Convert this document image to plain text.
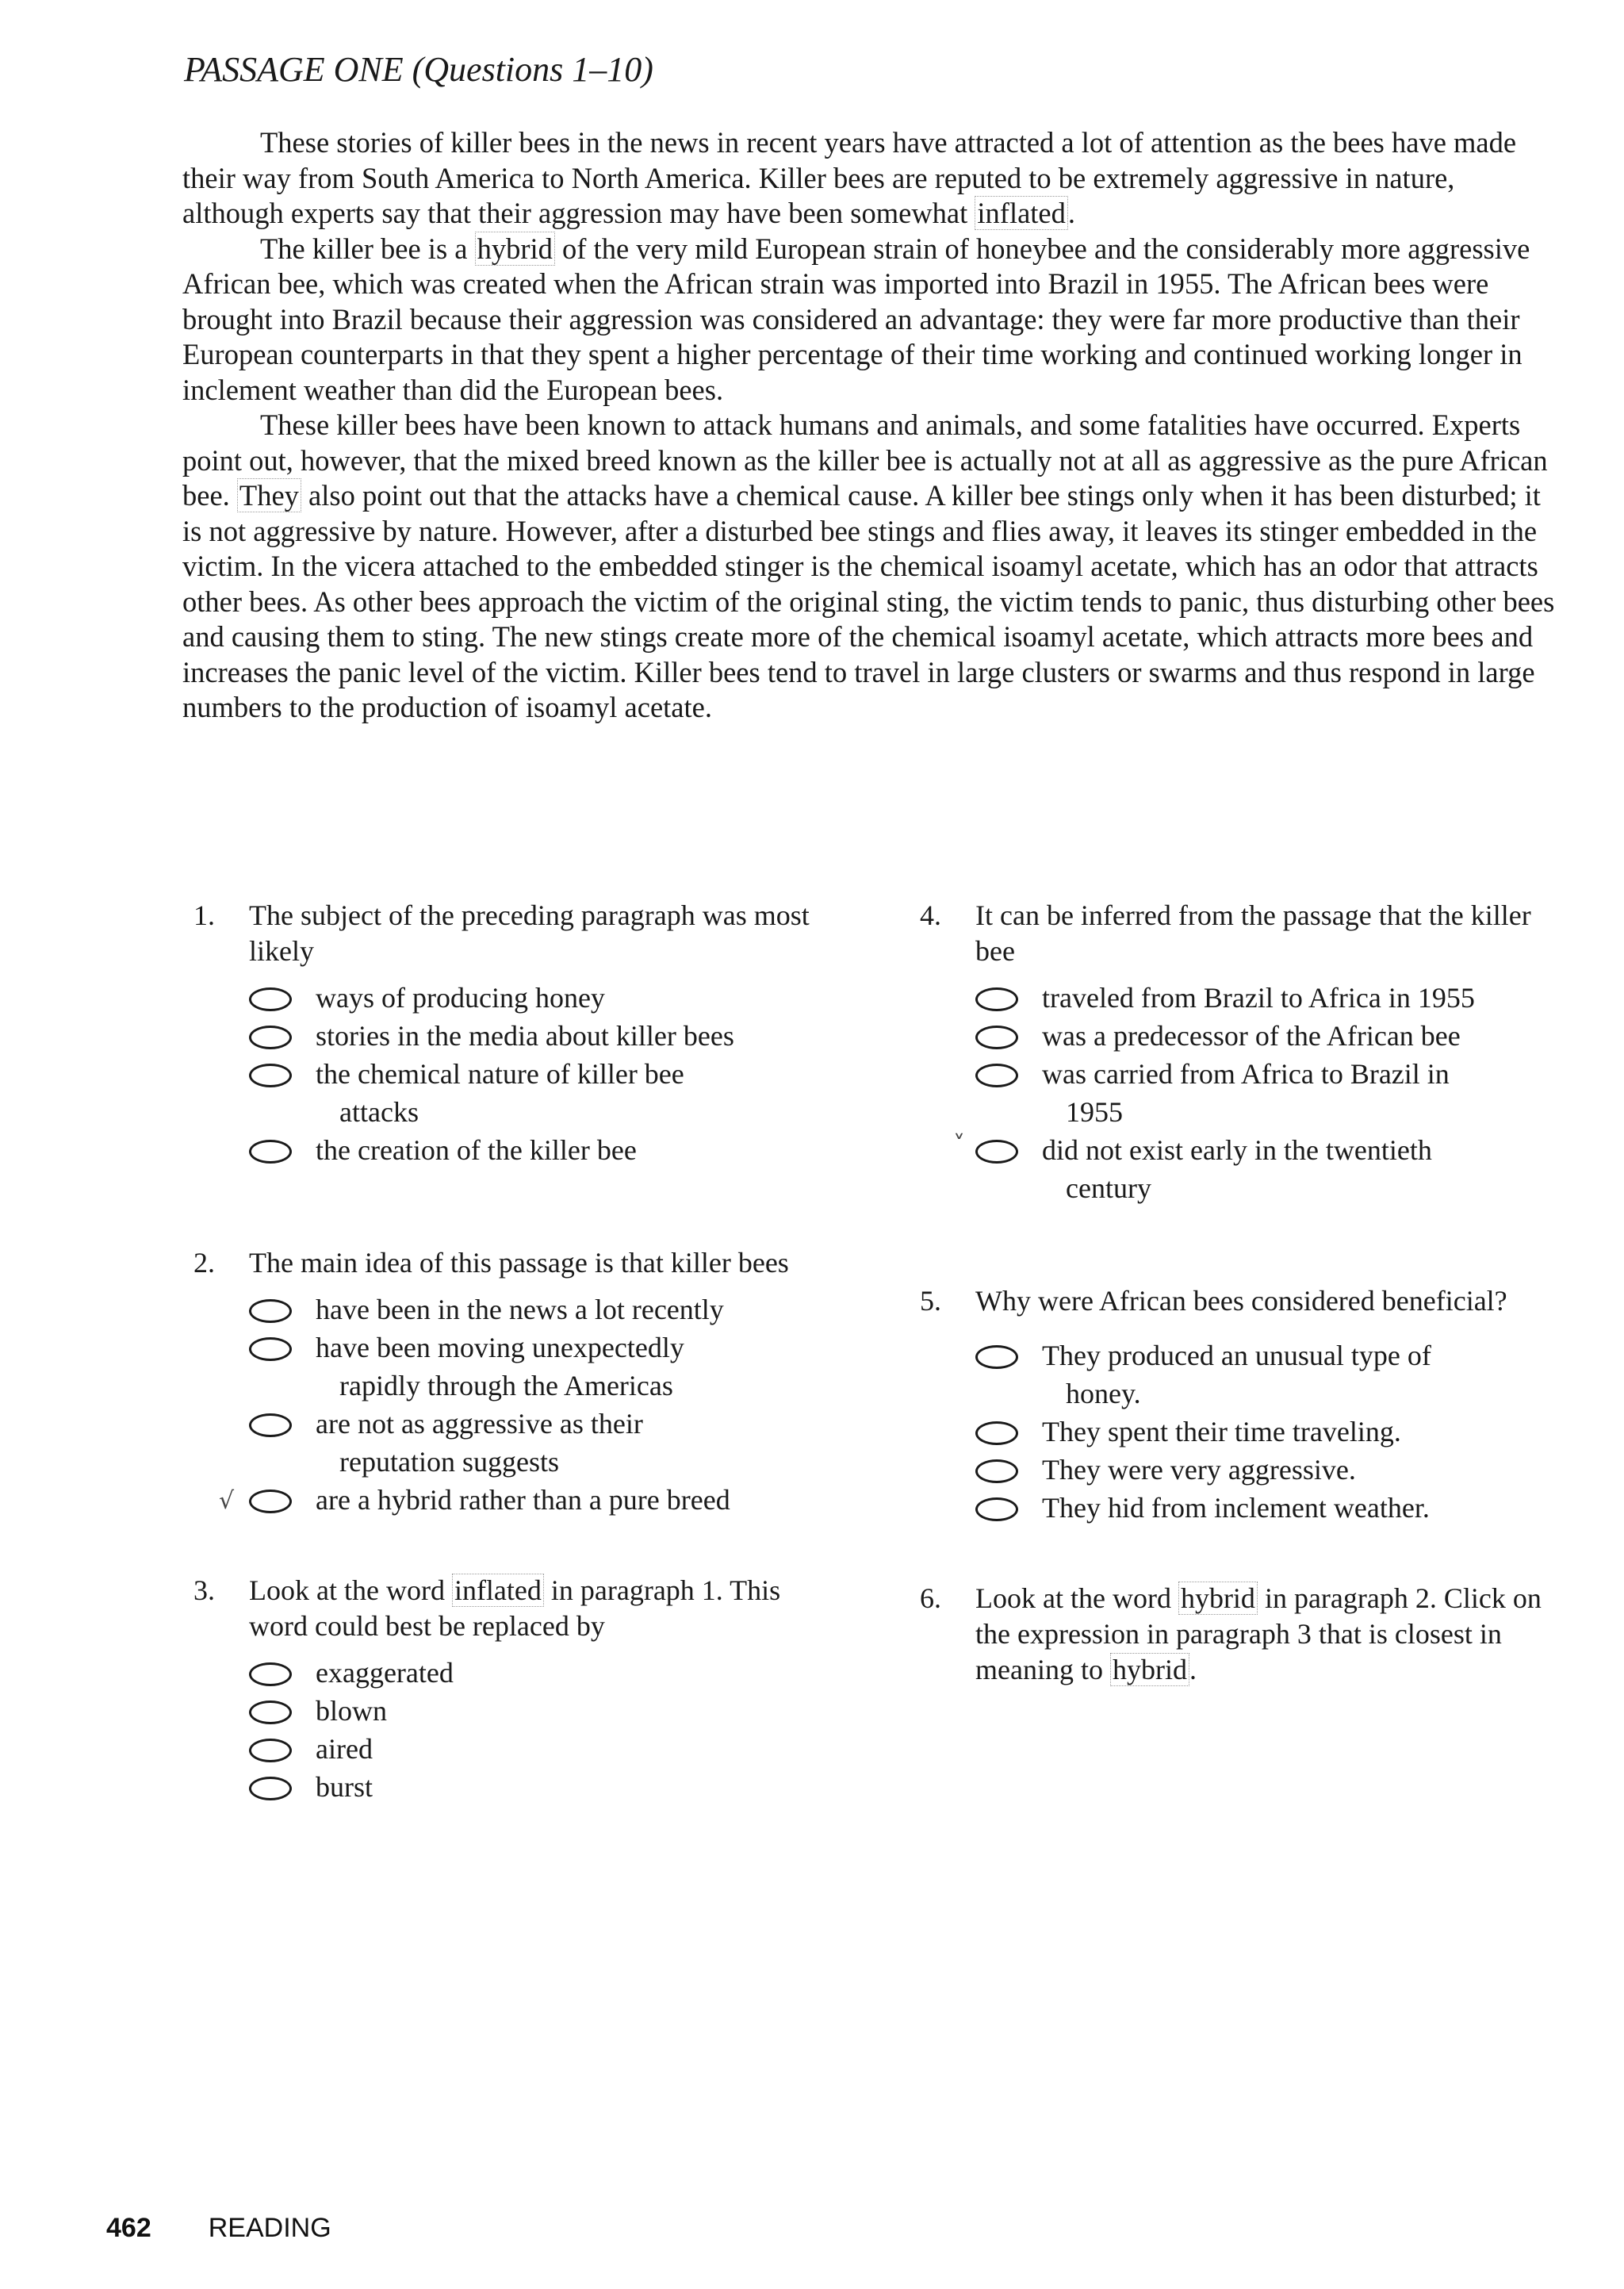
PASSAGE ONE (Questions 1–10)

These stories of killer bees in the news in recent years have attracted a lot of attention as the bees have made their way from South America to North America. Killer bees are reputed to be extremely aggressive in nature, although experts say that their aggression may have been somewhat inflated.

The killer bee is a hybrid of the very mild European strain of honeybee and the considerably more aggressive African bee, which was created when the African strain was imported into Brazil in 1955. The African bees were brought into Brazil because their aggression was considered an advantage: they were far more productive than their European counterparts in that they spent a higher percentage of their time working and continued working longer in inclement weather than did the European bees.

These killer bees have been known to attack humans and animals, and some fatalities have occurred. Experts point out, however, that the mixed breed known as the killer bee is actually not at all as aggressive as the pure African bee. They also point out that the attacks have a chemical cause. A killer bee stings only when it has been disturbed; it is not aggressive by nature. However, after a disturbed bee stings and flies away, it leaves its stinger embedded in the victim. In the vicera attached to the embedded stinger is the chemical isoamyl acetate, which has an odor that attracts other bees. As other bees approach the victim of the original sting, the victim tends to panic, thus disturbing other bees and causing them to sting. The new stings create more of the chemical isoamyl acetate, which attracts more bees and increases the panic level of the victim. Killer bees tend to travel in large clusters or swarms and thus respond in large numbers to the production of isoamyl acetate.

1.	The subject of the preceding paragraph was most likely
ways of producing honey
stories in the media about killer bees
the chemical nature of killer bee
attacks
the creation of the killer bee
2.	The main idea of this passage is that killer bees
have been in the news a lot recently
have been moving unexpectedly
rapidly through the Americas
are not as aggressive as their
reputation suggests
√	are a hybrid rather than a pure breed
3.	Look at the word inflated in paragraph 1. This word could best be replaced by
exaggerated
blown
aired
burst
4.	It can be inferred from the passage that the killer bee
traveled from Brazil to Africa in 1955
was a predecessor of the African bee
was carried from Africa to Brazil in
1955
˅	did not exist early in the twentieth
century
5.	Why were African bees considered beneficial?
They produced an unusual type of
honey.
They spent their time traveling.
They were very aggressive.
They hid from inclement weather.
6.	Look at the word hybrid in paragraph 2. Click on the expression in paragraph 3 that is closest in meaning to hybrid.
462 READING
